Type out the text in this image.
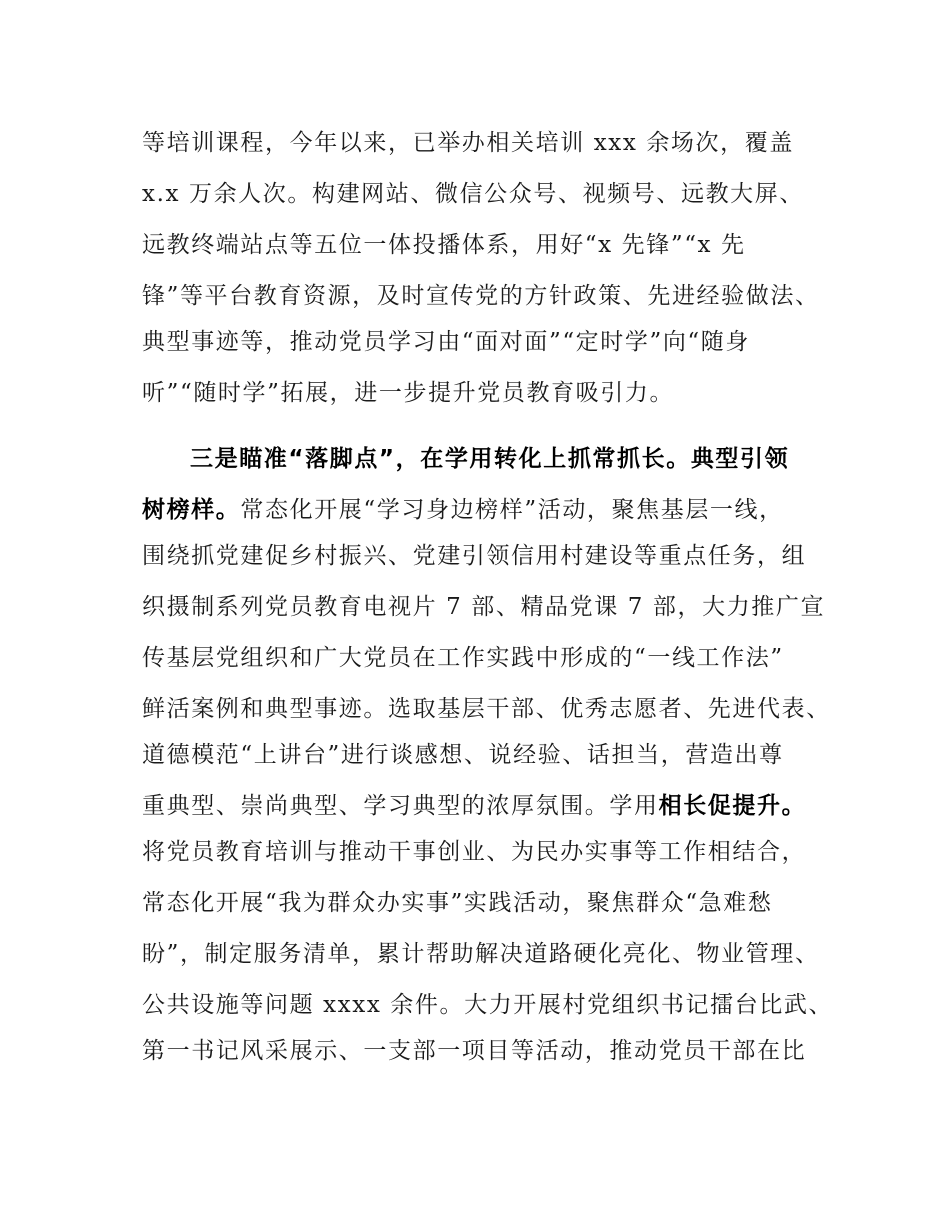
等培训课程，今年以来，已举办相关培训 xxx 余场次，覆盖
x.x 万余人次。构建网站、微信公众号、视频号、远教大屏、
远教终端站点等五位一体投播体系，用好“x 先锋”“x 先
锋”等平台教育资源，及时宣传党的方针政策、先进经验做法、
典型事迹等，推动党员学习由“面对面”“定时学”向“随身
听”“随时学”拓展，进一步提升党员教育吸引力。
三是瞄准“落脚点”，在学用转化上抓常抓长。典型引领
树榜样。常态化开展“学习身边榜样”活动，聚焦基层一线，
围绕抓党建促乡村振兴、党建引领信用村建设等重点任务，组
织摄制系列党员教育电视片 7 部、精品党课 7 部，大力推广宣
传基层党组织和广大党员在工作实践中形成的“一线工作法”
鲜活案例和典型事迹。选取基层干部、优秀志愿者、先进代表、
道德模范“上讲台”进行谈感想、说经验、话担当，营造出尊
重典型、崇尚典型、学习典型的浓厚氛围。学用相长促提升。
将党员教育培训与推动干事创业、为民办实事等工作相结合，
常态化开展“我为群众办实事”实践活动，聚焦群众“急难愁
盼”，制定服务清单，累计帮助解决道路硬化亮化、物业管理、
公共设施等问题 xxxx 余件。大力开展村党组织书记擂台比武、
第一书记风采展示、一支部一项目等活动，推动党员干部在比
